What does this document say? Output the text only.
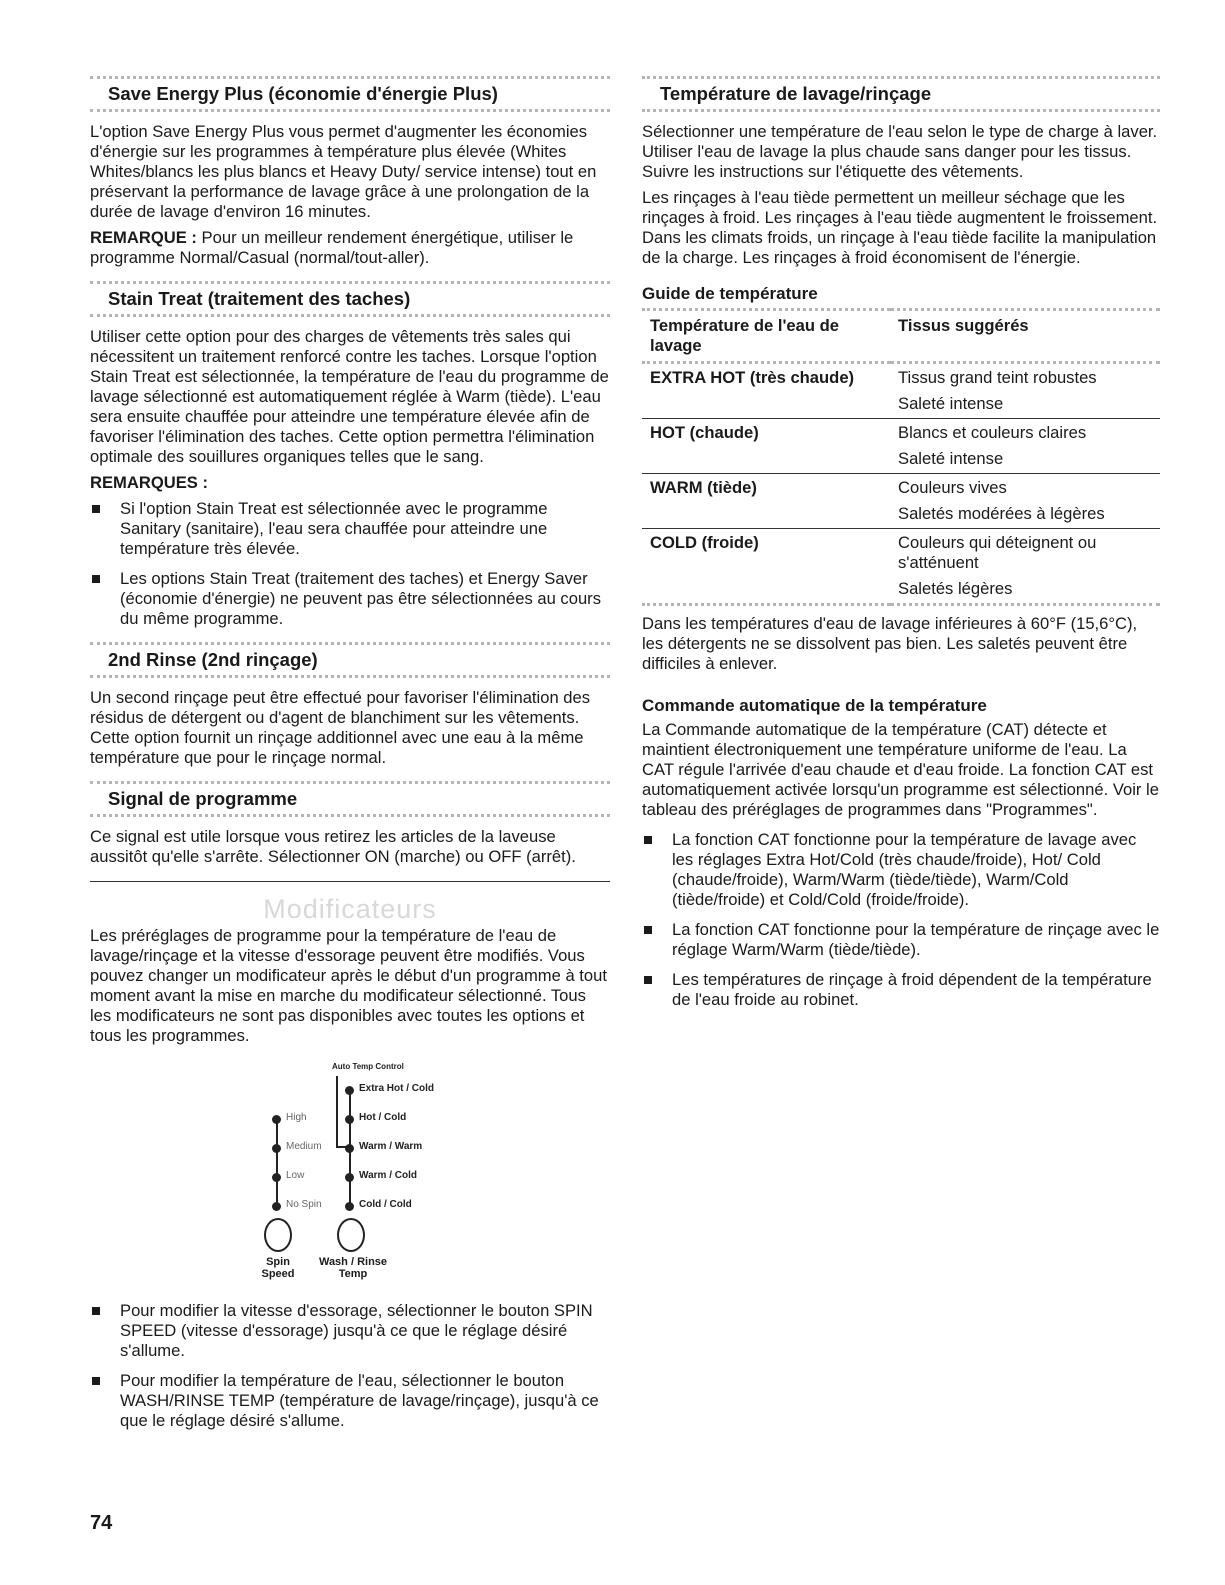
Save Energy Plus (économie d'énergie Plus)

L'option Save Energy Plus vous permet d'augmenter les économies d'énergie sur les programmes à température plus élevée (Whites Whites/blancs les plus blancs et Heavy Duty/ service intense) tout en préservant la performance de lavage grâce à une prolongation de la durée de lavage d'environ 16 minutes.

REMARQUE : Pour un meilleur rendement énergétique, utiliser le programme Normal/Casual (normal/tout-aller).

Stain Treat (traitement des taches)

Utiliser cette option pour des charges de vêtements très sales qui nécessitent un traitement renforcé contre les taches. Lorsque l'option Stain Treat est sélectionnée, la température de l'eau du programme de lavage sélectionné est automatiquement réglée à Warm (tiède). L'eau sera ensuite chauffée pour atteindre une température élevée afin de favoriser l'élimination des taches. Cette option permettra l'élimination optimale des souillures organiques telles que le sang.

REMARQUES :

Si l'option Stain Treat est sélectionnée avec le programme Sanitary (sanitaire), l'eau sera chauffée pour atteindre une température très élevée.
Les options Stain Treat (traitement des taches) et Energy Saver (économie d'énergie) ne peuvent pas être sélectionnées au cours du même programme.
2nd Rinse (2nd rinçage)

Un second rinçage peut être effectué pour favoriser l'élimination des résidus de détergent ou d'agent de blanchiment sur les vêtements. Cette option fournit un rinçage additionnel avec une eau à la même température que pour le rinçage normal.

Signal de programme

Ce signal est utile lorsque vous retirez les articles de la laveuse aussitôt qu'elle s'arrête. Sélectionner ON (marche) ou OFF (arrêt).

Modificateurs

Les préréglages de programme pour la température de l'eau de lavage/rinçage et la vitesse d'essorage peuvent être modifiés. Vous pouvez changer un modificateur après le début d'un programme à tout moment avant la mise en marche du modificateur sélectionné. Tous les modificateurs ne sont pas disponibles avec toutes les options et tous les programmes.

Auto Temp Control
High
Medium
Low
No Spin
Extra Hot / Cold
Hot / Cold
Warm / Warm
Warm / Cold
Cold / Cold
Spin
Speed
Wash / Rinse
Temp
Pour modifier la vitesse d'essorage, sélectionner le bouton SPIN SPEED (vitesse d'essorage) jusqu'à ce que le réglage désiré s'allume.
Pour modifier la température de l'eau, sélectionner le bouton WASH/RINSE TEMP (température de lavage/rinçage), jusqu'à ce que le réglage désiré s'allume.
Température de lavage/rinçage

Sélectionner une température de l'eau selon le type de charge à laver. Utiliser l'eau de lavage la plus chaude sans danger pour les tissus. Suivre les instructions sur l'étiquette des vêtements.

Les rinçages à l'eau tiède permettent un meilleur séchage que les rinçages à froid. Les rinçages à l'eau tiède augmentent le froissement. Dans les climats froids, un rinçage à l'eau tiède facilite la manipulation de la charge. Les rinçages à froid économisent de l'énergie.

Guide de température
Température de l'eau de lavage	Tissus suggérés
EXTRA HOT (très chaude)	Tissus grand teint robustes
Saleté intense

HOT (chaude)	Blancs et couleurs claires
Saleté intense

WARM (tiède)	Couleurs vives
Saletés modérées à légères

COLD (froide)	Couleurs qui déteignent ou s'atténuent
Saletés légères

Dans les températures d'eau de lavage inférieures à 60°F (15,6°C), les détergents ne se dissolvent pas bien. Les saletés peuvent être difficiles à enlever.

Commande automatique de la température

La Commande automatique de la température (CAT) détecte et maintient électroniquement une température uniforme de l'eau. La CAT régule l'arrivée d'eau chaude et d'eau froide. La fonction CAT est automatiquement activée lorsqu'un programme est sélectionné. Voir le tableau des préréglages de programmes dans "Programmes".

La fonction CAT fonctionne pour la température de lavage avec les réglages Extra Hot/Cold (très chaude/froide), Hot/ Cold (chaude/froide), Warm/Warm (tiède/tiède), Warm/Cold (tiède/froide) et Cold/Cold (froide/froide).
La fonction CAT fonctionne pour la température de rinçage avec le réglage Warm/Warm (tiède/tiède).
Les températures de rinçage à froid dépendent de la température de l'eau froide au robinet.
74
